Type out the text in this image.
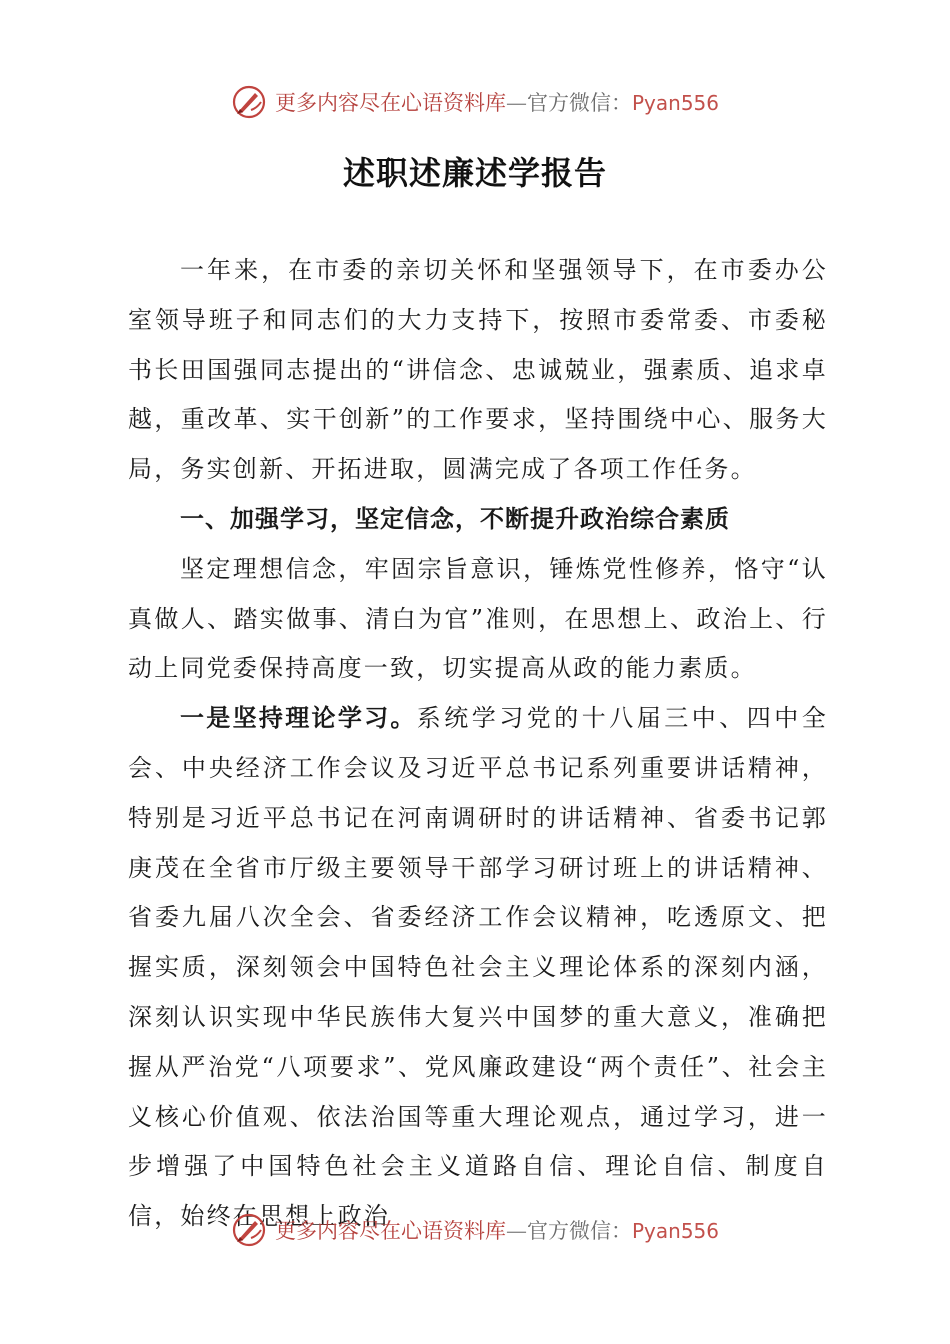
更多内容尽在心语资料库—官方微信：Pyan556
述职述廉述学报告

一年来，在市委的亲切关怀和坚强领导下，在市委办公室领导班子和同志们的大力支持下，按照市委常委、市委秘书长田国强同志提出的“讲信念、忠诚兢业，强素质、追求卓越，重改革、实干创新”的工作要求，坚持围绕中心、服务大局，务实创新、开拓进取，圆满完成了各项工作任务。

一、加强学习，坚定信念，不断提升政治综合素质

坚定理想信念，牢固宗旨意识，锤炼党性修养，恪守“认真做人、踏实做事、清白为官”准则，在思想上、政治上、行动上同党委保持高度一致，切实提高从政的能力素质。

一是坚持理论学习。系统学习党的十八届三中、四中全会、中央经济工作会议及习近平总书记系列重要讲话精神，特别是习近平总书记在河南调研时的讲话精神、省委书记郭庚茂在全省市厅级主要领导干部学习研讨班上的讲话精神、省委九届八次全会、省委经济工作会议精神，吃透原文、把握实质，深刻领会中国特色社会主义理论体系的深刻内涵，深刻认识实现中华民族伟大复兴中国梦的重大意义，准确把握从严治党“八项要求”、党风廉政建设“两个责任”、社会主义核心价值观、依法治国等重大理论观点，通过学习，进一步增强了中国特色社会主义道路自信、理论自信、制度自信，始终在思想上政治

更多内容尽在心语资料库—官方微信：Pyan556
